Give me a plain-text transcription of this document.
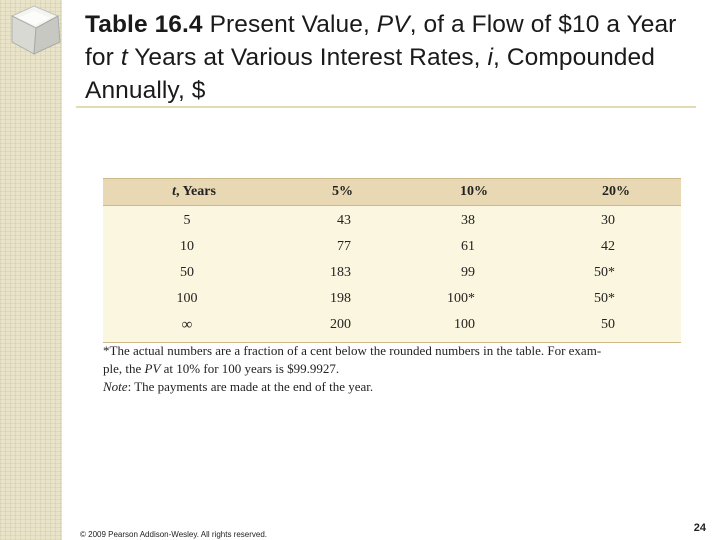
Table 16.4 Present Value, PV, of a Flow of $10 a Year for t Years at Various Interest Rates, i, Compounded Annually, $
t, Years	5%	10%	20%
5	43	38	30
10	77	61	42
50	183	99	50*
100	198	100*	50*
∞	200	100	50

*The actual numbers are a fraction of a cent below the rounded numbers in the table. For exam-

ple, the PV at 10% for 100 years is $99.9927.

Note: The payments are made at the end of the year.

© 2009 Pearson Addison-Wesley. All rights reserved.
24
